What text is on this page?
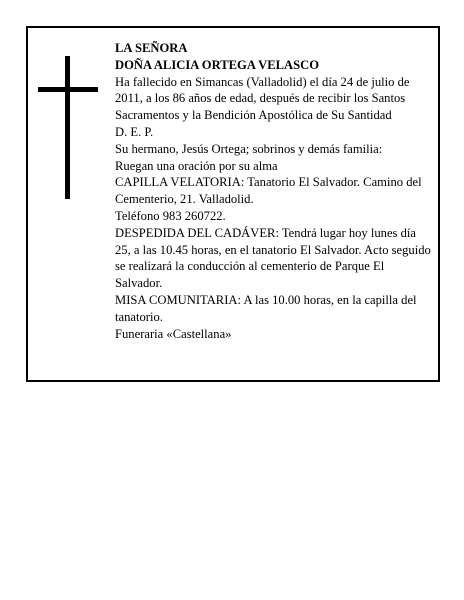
LA SEÑORA
DOÑA ALICIA ORTEGA VELASCO
Ha fallecido en Simancas (Valladolid) el día 24 de julio de 2011, a los 86 años de edad, después de recibir los Santos Sacramentos y la Bendición Apostólica de Su Santidad
D. E. P.
Su hermano, Jesús Ortega; sobrinos y demás familia:
Ruegan una oración por su alma
CAPILLA VELATORIA: Tanatorio El Salvador. Camino del Cementerio, 21. Valladolid.
Teléfono 983 260722.
DESPEDIDA DEL CADÁVER: Tendrá lugar hoy lunes día 25, a las 10.45 horas, en el tanatorio El Salvador. Acto seguido se realizará la conducción al cementerio de Parque El Salvador.
MISA COMUNITARIA: A las 10.00 horas, en la capilla del tanatorio.
Funeraria «Castellana»
